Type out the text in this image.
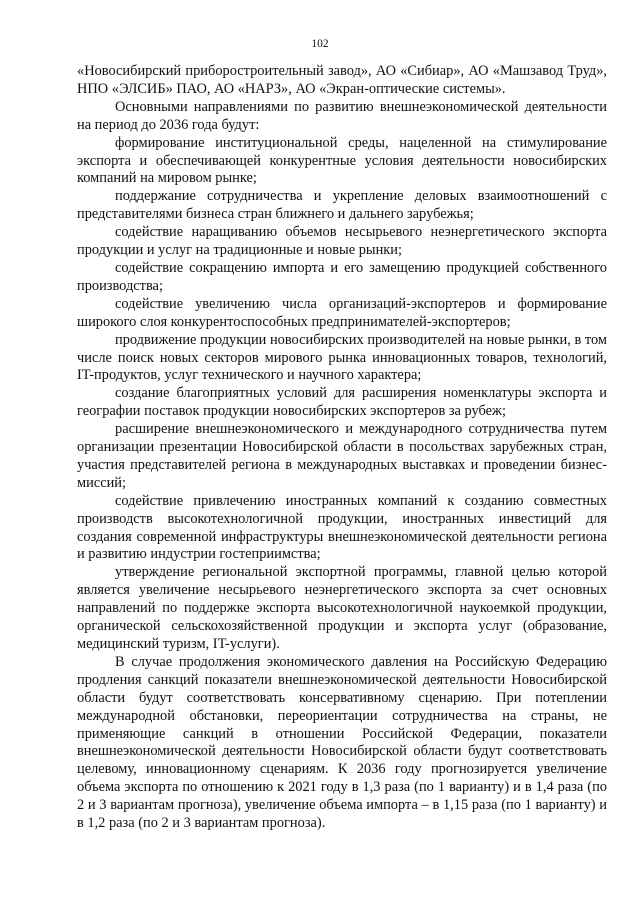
102

«Новосибирский приборостроительный завод», АО «Сибиар», АО «Машзавод Труд», НПО «ЭЛСИБ» ПАО, АО «НАРЗ», АО «Экран-оптические системы».

Основными направлениями по развитию внешнеэкономической деятельности на период до 2036 года будут:

формирование институциональной среды, нацеленной на стимулирование экспорта и обеспечивающей конкурентные условия деятельности новосибирских компаний на мировом рынке;

поддержание сотрудничества и укрепление деловых взаимоотношений с представителями бизнеса стран ближнего и дальнего зарубежья;

содействие наращиванию объемов несырьевого неэнергетического экспорта продукции и услуг на традиционные и новые рынки;

содействие сокращению импорта и его замещению продукцией собственного производства;

содействие увеличению числа организаций-экспортеров и формирование широкого слоя конкурентоспособных предпринимателей-экспортеров;

продвижение продукции новосибирских производителей на новые рынки, в том числе поиск новых секторов мирового рынка инновационных товаров, технологий, IT-продуктов, услуг технического и научного характера;

создание благоприятных условий для расширения номенклатуры экспорта и географии поставок продукции новосибирских экспортеров за рубеж;

расширение внешнеэкономического и международного сотрудничества путем организации презентации Новосибирской области в посольствах зарубежных стран, участия представителей региона в международных выставках и проведении бизнес-миссий;

содействие привлечению иностранных компаний к созданию совместных производств высокотехнологичной продукции, иностранных инвестиций для создания современной инфраструктуры внешнеэкономической деятельности региона и развитию индустрии гостеприимства;

утверждение региональной экспортной программы, главной целью которой является увеличение несырьевого неэнергетического экспорта за счет основных направлений по поддержке экспорта высокотехнологичной наукоемкой продукции, органической сельскохозяйственной продукции и экспорта услуг (образование, медицинский туризм, IT-услуги).

В случае продолжения экономического давления на Российскую Федерацию продления санкций показатели внешнеэкономической деятельности Новосибирской области будут соответствовать консервативному сценарию. При потеплении международной обстановки, переориентации сотрудничества на страны, не применяющие санкций в отношении Российской Федерации, показатели внешнеэкономической деятельности Новосибирской области будут соответствовать целевому, инновационному сценариям. К 2036 году прогнозируется увеличение объема экспорта по отношению к 2021 году в 1,3 раза (по 1 варианту) и в 1,4 раза (по 2 и 3 вариантам прогноза), увеличение объема импорта – в 1,15 раза (по 1 варианту) и в 1,2 раза (по 2 и 3 вариантам прогноза).
